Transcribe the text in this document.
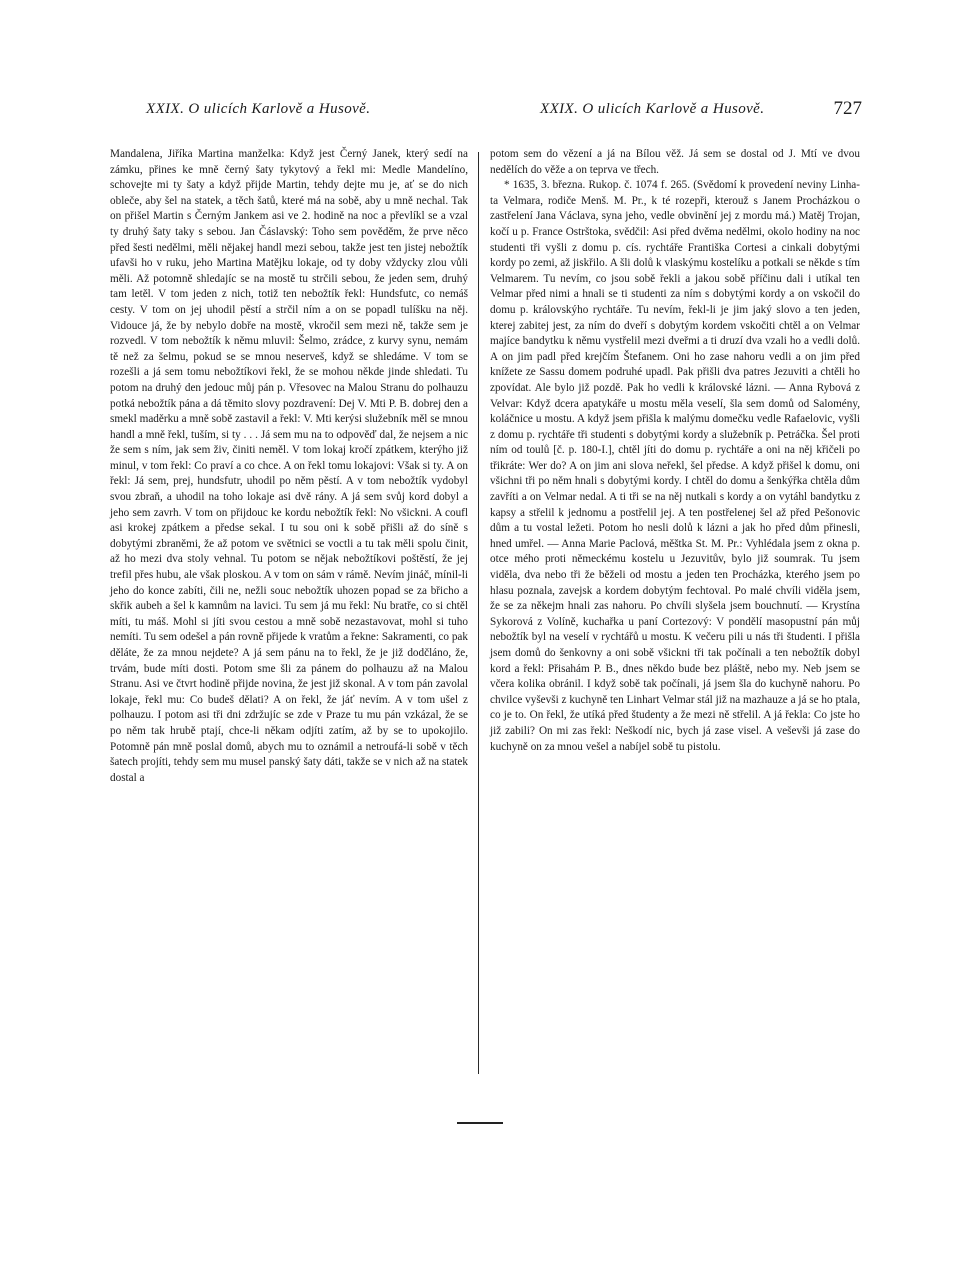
XXIX. O ulicích Karlově a Husově.	XXIX. O ulicích Karlově a Husově.	727

Mandalena, Jiříka Martina manželka: Když jest Černý Janek, který sedí na zámku, přines ke mně černý šaty tykytový a řekl mi: Medle Mandelíno, schovejte mi ty šaty a když přijde Martin, tehdy dejte mu je, ať se do nich obleče, aby šel na statek, a těch šatů, které má na sobě, aby u mně nechal. Tak on přišel Martin s Černým Jankem asi ve 2. hodině na noc a převlíkl se a vzal ty druhý šaty taky s sebou. Jan Čáslavský: Toho sem pověděm, že prve něco před šesti nedělmi, měli nějakej handl mezi sebou, takže jest ten jistej nebožtík ufavši ho v ruku, jeho Martina Matějku lokaje, od ty doby vždycky zlou vůli měli. Až potomně shledajíc se na mostě tu strčili sebou, že jeden sem, druhý tam letěl. V tom jeden z nich, totiž ten nebožtík řekl: Hundsfutc, co nemáš cesty. V tom on jej uhodil pěstí a strčil ním a on se popadl tulíšku na něj. Vidouce já, že by nebylo dobře na mostě, vkročil sem mezi ně, takže sem je rozvedl. V tom nebožtík k němu mluvil: Šelmo, zrádce, z kurvy synu, nemám tě než za šelmu, pokud se se mnou neserveš, když se shledáme. V tom se rozešli a já sem tomu nebožtíkovi řekl, že se mohou někde jinde shledati. Tu potom na druhý den jedouc můj pán p. Vřesovec na Malou Stranu do polhauzu potká nebožtík pána a dá těmito slovy pozdravení: Dej V. Mti P. B. dobrej den a smekl maděrku a mně sobě zastavil a řekl: V. Mti kerýsi služebník měl se mnou handl a mně řekl, tuším, si ty . . . Já sem mu na to odpověď dal, že nejsem a nic že sem s ním, jak sem živ, činiti neměl. V tom lokaj kročí zpátkem, kterýho již minul, v tom řekl: Co praví a co chce. A on řekl tomu lokajovi: Však si ty. A on řekl: Já sem, prej, hundsfutr, uhodil po něm pěstí. A v tom nebožtík vydobyl svou zbraň, a uhodil na toho lokaje asi dvě rány. A já sem svůj kord dobyl a jeho sem zavrh. V tom on přijdouc ke kordu nebožtík řekl: No všickni. A coufl asi krokej zpátkem a předse sekal. I tu sou oni k sobě přišli až do síně s dobytými zbraněmi, že až potom ve světnici se voctli a tu tak měli spolu činit, až ho mezi dva stoly vehnal. Tu potom se nějak nebožtíkovi poštěstí, že jej trefil přes hubu, ale však ploskou. A v tom on sám v rámě. Nevím jináč, mínil-li jeho do konce zabíti, čili ne, nežli souc nebožtík uhozen popad se za břicho a skřik aubeh a šel k kamnům na lavici. Tu sem já mu řekl: Nu bratře, co si chtěl míti, tu máš. Mohl si jíti svou cestou a mně sobě nezastavovat, mohl si tuho nemíti. Tu sem odešel a pán rovně přijede k vratům a řekne: Sakramenti, co pak děláte, že za mnou nejdete? A já sem pánu na to řekl, že je již dodčláno, že, trvám, bude míti dosti. Potom sme šli za pánem do polhauzu až na Malou Stranu. Asi ve čtvrt hodině přijde novina, že jest již skonal. A v tom pán zavolal lokaje, řekl mu: Co budeš dělati? A on řekl, že jáť nevím. A v tom ušel z polhauzu. I potom asi tři dni zdržujíc se zde v Praze tu mu pán vzkázal, že se po něm tak hrubě ptají, chce-li někam odjíti zatím, až by se to upokojilo. Potomně pán mně poslal domů, abych mu to oznámil a netroufá-li sobě v těch šatech projíti, tehdy sem mu musel panský šaty dáti, takže se v nich až na statek dostal a

potom sem do vězení a já na Bílou věž. Já sem se dostal od J. Mtí ve dvou nedělích do věže a on teprva ve třech.

* 1635, 3. března. Rukop. č. 1074 f. 265. (Svědomí k provedení neviny Linha-ta Velmara, rodiče Menš. M. Pr., k té rozepři, kterouž s Janem Procházkou o zastřelení Jana Václava, syna jeho, vedle obvinění jej z mordu má.) Matěj Trojan, kočí u p. France Ostrštoka, svědčil: Asi před dvěma nedělmi, okolo hodiny na noc studenti tři vyšli z domu p. cís. rychtáře Františka Cortesi a cinkali dobytými kordy po zemi, až jiskřilo. A šli dolů k vlaskýmu kostelíku a potkali se někde s tím Velmarem. Tu nevím, co jsou sobě řekli a jakou sobě příčinu dali i utíkal ten Velmar před nimi a hnali se ti studenti za ním s dobytými kordy a on vskočil do domu p. královskýho rychtáře. Tu nevím, řekl-li je jim jaký slovo a ten jeden, kterej zabitej jest, za ním do dveří s dobytým kordem vskočiti chtěl a on Velmar majíce bandytku k němu vystřelil mezi dveřmi a ti druzí dva vzali ho a vedli dolů. A on jim padl před krejčím Štefanem. Oni ho zase nahoru vedli a on jim před knížete ze Sassu domem podruhé upadl. Pak přišli dva patres Jezuviti a chtěli ho zpovídat. Ale bylo již pozdě. Pak ho vedli k královské lázni. — Anna Rybová z Velvar: Když dcera apatykáře u mostu měla veselí, šla sem domů od Salomény, koláčnice u mostu. A když jsem přišla k malýmu domečku vedle Rafaelovic, vyšli z domu p. rychtáře tři studenti s dobytými kordy a služebník p. Petráčka. Šel proti ním od toulů [č. p. 180-I.], chtěl jíti do domu p. rychtáře a oni na něj křičeli po třikráte: Wer do? A on jim ani slova neřekl, šel předse. A když přišel k domu, oni všichni tři po něm hnali s dobytými kordy. I chtěl do domu a šenkýřka chtěla dům zavříti a on Velmar nedal. A ti tři se na něj nutkali s kordy a on vytáhl bandytku z kapsy a střelil k jednomu a postřelil jej. A ten postřelenej šel až před Pešonovic dům a tu vostal ležeti. Potom ho nesli dolů k lázni a jak ho před dům přinesli, hned umřel. — Anna Marie Paclová, měštka St. M. Pr.: Vyhlédala jsem z okna p. otce mého proti německému kostelu u Jezuvitův, bylo již soumrak. Tu jsem viděla, dva nebo tři že běželi od mostu a jeden ten Procházka, kterého jsem po hlasu poznala, zavejsk a kordem dobytým fechtoval. Po malé chvíli viděla jsem, že se za někejm hnali zas nahoru. Po chvíli slyšela jsem bouchnutí. — Krystína Sykorová z Volíně, kuchařka u paní Cortezový: V pondělí masopustní pán můj nebožtík byl na veselí v rychtářů u mostu. K večeru pili u nás tři študenti. I přišla jsem domů do šenkovny a oni sobě všickni tři tak počínali a ten nebožtík dobyl kord a řekl: Přisahám P. B., dnes někdo bude bez pláště, nebo my. Neb jsem se včera kolika obránil. I když sobě tak počínali, já jsem šla do kuchyně nahoru. Po chvilce vyševši z kuchyně ten Linhart Velmar stál již na mazhauze a já se ho ptala, co je to. On řekl, že utíká před študenty a že mezi ně střelil. A já řekla: Co jste ho již zabili? On mi zas řekl: Neškodí nic, bych já zase visel. A veševši já zase do kuchyně on za mnou vešel a nabíjel sobě tu pistolu.
